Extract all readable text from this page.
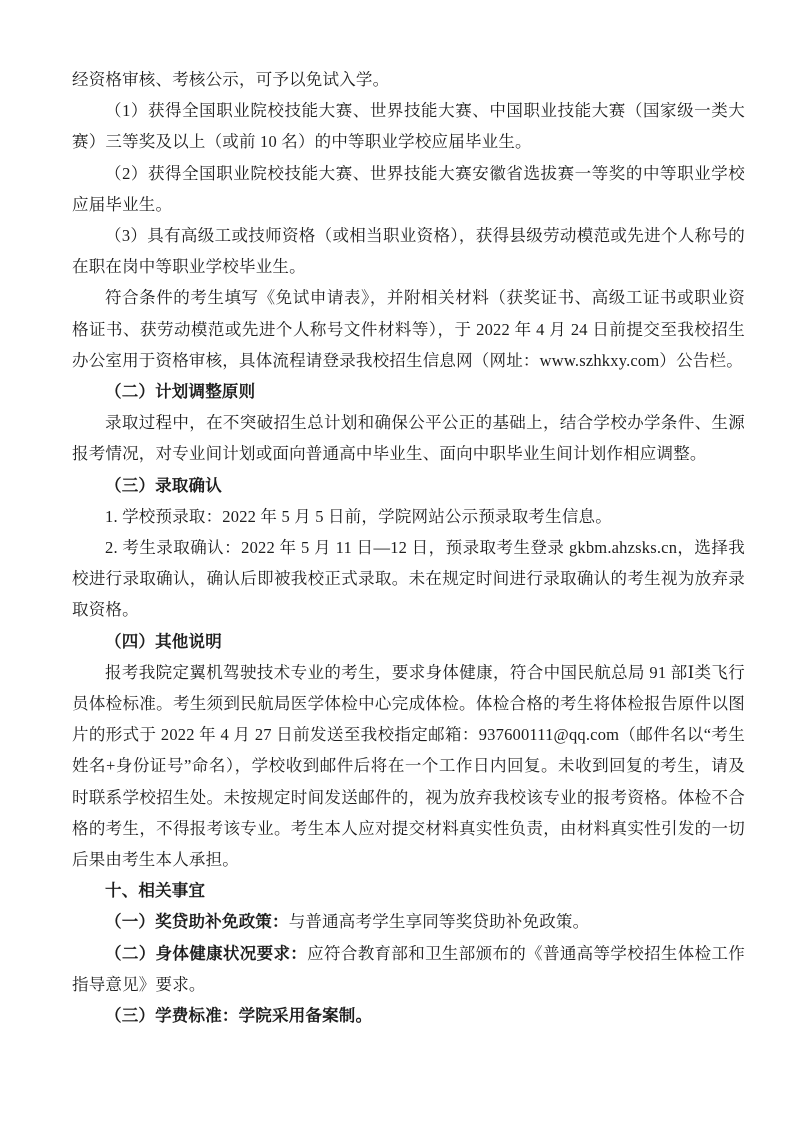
经资格审核、考核公示，可予以免试入学。

（1）获得全国职业院校技能大赛、世界技能大赛、中国职业技能大赛（国家级一类大赛）三等奖及以上（或前 10 名）的中等职业学校应届毕业生。

（2）获得全国职业院校技能大赛、世界技能大赛安徽省选拔赛一等奖的中等职业学校应届毕业生。

（3）具有高级工或技师资格（或相当职业资格），获得县级劳动模范或先进个人称号的在职在岗中等职业学校毕业生。

符合条件的考生填写《免试申请表》，并附相关材料（获奖证书、高级工证书或职业资格证书、获劳动模范或先进个人称号文件材料等），于 2022 年 4 月 24 日前提交至我校招生办公室用于资格审核，具体流程请登录我校招生信息网（网址：www.szhkxy.com）公告栏。

（二）计划调整原则

录取过程中，在不突破招生总计划和确保公平公正的基础上，结合学校办学条件、生源报考情况，对专业间计划或面向普通高中毕业生、面向中职毕业生间计划作相应调整。

（三）录取确认

1. 学校预录取：2022 年 5 月 5 日前，学院网站公示预录取考生信息。

2. 考生录取确认：2022 年 5 月 11 日—12 日，预录取考生登录 gkbm.ahzsks.cn，选择我校进行录取确认，确认后即被我校正式录取。未在规定时间进行录取确认的考生视为放弃录取资格。

（四）其他说明

报考我院定翼机驾驶技术专业的考生，要求身体健康，符合中国民航总局 91 部Ⅰ类飞行员体检标准。考生须到民航局医学体检中心完成体检。体检合格的考生将体检报告原件以图片的形式于 2022 年 4 月 27 日前发送至我校指定邮箱：937600111@qq.com（邮件名以“考生姓名+身份证号”命名），学校收到邮件后将在一个工作日内回复。未收到回复的考生，请及时联系学校招生处。未按规定时间发送邮件的，视为放弃我校该专业的报考资格。体检不合格的考生，不得报考该专业。考生本人应对提交材料真实性负责，由材料真实性引发的一切后果由考生本人承担。

十、相关事宜

（一）奖贷助补免政策：与普通高考学生享同等奖贷助补免政策。

（二）身体健康状况要求：应符合教育部和卫生部颁布的《普通高等学校招生体检工作指导意见》要求。

（三）学费标准：学院采用备案制。
